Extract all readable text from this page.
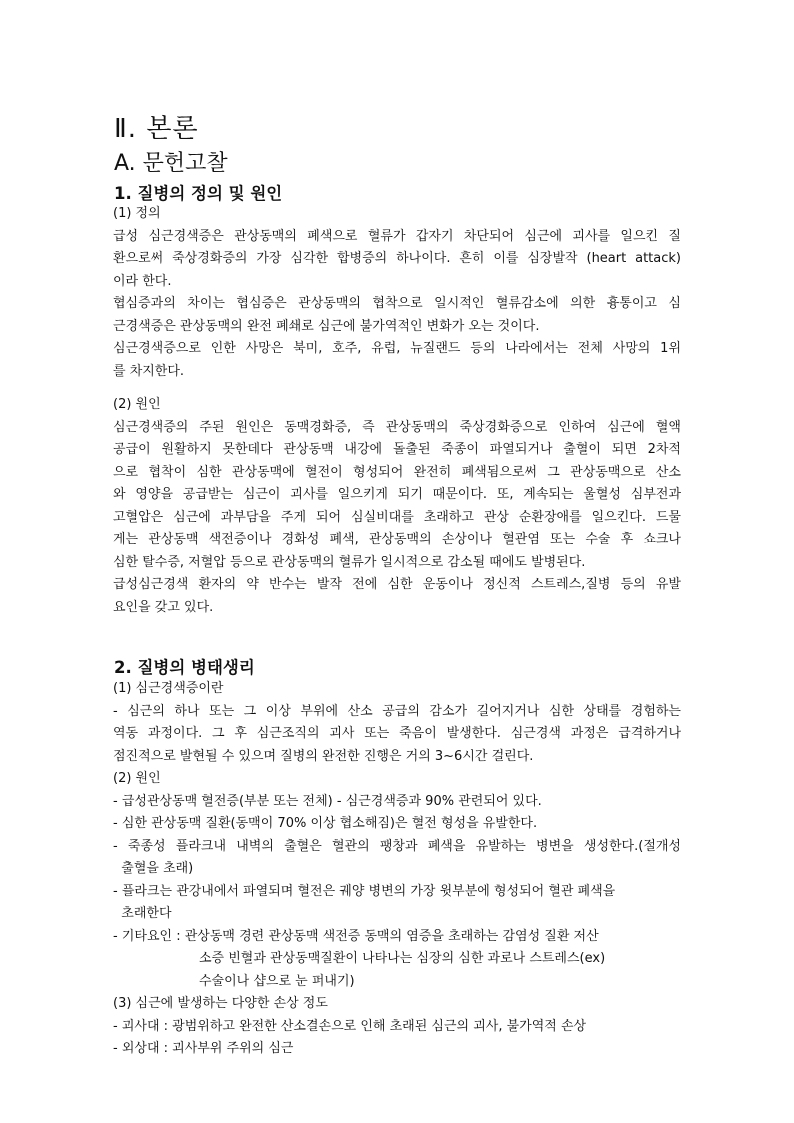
Ⅱ. 본론
A. 문헌고찰
1. 질병의 정의 및 원인
(1) 정의
급성 심근경색증은 관상동맥의 폐색으로 혈류가 갑자기 차단되어 심근에 괴사를 일으킨 질
환으로써 죽상경화증의 가장 심각한 합병증의 하나이다. 흔히 이를 심장발작 (heart attack)
이라 한다.
협심증과의 차이는 협심증은 관상동맥의 협착으로 일시적인 혈류감소에 의한 흉통이고 심
근경색증은 관상동맥의 완전 폐쇄로 심근에 불가역적인 변화가 오는 것이다.
심근경색증으로 인한 사망은 북미, 호주, 유럽, 뉴질랜드 등의 나라에서는 전체 사망의 1위
를 차지한다.
(2) 원인
심근경색증의 주된 원인은 동맥경화증, 즉 관상동맥의 죽상경화증으로 인하여 심근에 혈액
공급이 원활하지 못한데다 관상동맥 내강에 돌출된 죽종이 파열되거나 출혈이 되면 2차적
으로 협착이 심한 관상동맥에 혈전이 형성되어 완전히 폐색됨으로써 그 관상동맥으로 산소
와 영양을 공급받는 심근이 괴사를 일으키게 되기 때문이다. 또, 계속되는 울혈성 심부전과
고혈압은 심근에 과부담을 주게 되어 심실비대를 초래하고 관상 순환장애를 일으킨다. 드물
게는 관상동맥 색전증이나 경화성 폐색, 관상동맥의 손상이나 혈관염 또는 수술 후 쇼크나
심한 탈수증, 저혈압 등으로 관상동맥의 혈류가 일시적으로 감소될 때에도 발병된다.
급성심근경색 환자의 약 반수는 발작 전에 심한 운동이나 정신적 스트레스,질병 등의 유발
요인을 갖고 있다.
2. 질병의 병태생리
(1) 심근경색증이란
- 심근의 하나 또는 그 이상 부위에 산소 공급의 감소가 길어지거나 심한 상태를 경험하는
역동 과정이다. 그 후 심근조직의 괴사 또는 죽음이 발생한다. 심근경색 과정은 급격하거나
점진적으로 발현될 수 있으며 질병의 완전한 진행은 거의 3~6시간 걸린다.
(2) 원인
- 급성관상동맥 혈전증(부분 또는 전체) - 심근경색증과 90% 관련되어 있다.
- 심한 관상동맥 질환(동맥이 70% 이상 협소해짐)은 혈전 형성을 유발한다.
- 죽종성 플라크내 내벽의 출혈은 혈관의 팽창과 폐색을 유발하는 병변을 생성한다.(절개성
출혈을 초래)
- 플라크는 관강내에서 파열되며 혈전은 궤양 병변의 가장 윗부분에 형성되어 혈관 폐색을
초래한다
- 기타요인 : 관상동맥 경련 관상동맥 색전증 동맥의 염증을 초래하는 감염성 질환 저산
소증 빈혈과 관상동맥질환이 나타나는 심장의 심한 과로나 스트레스(ex)
수술이나 샵으로 눈 퍼내기)
(3) 심근에 발생하는 다양한 손상 정도
- 괴사대 : 광범위하고 완전한 산소결손으로 인해 초래된 심근의 괴사, 불가역적 손상
- 외상대 : 괴사부위 주위의 심근
